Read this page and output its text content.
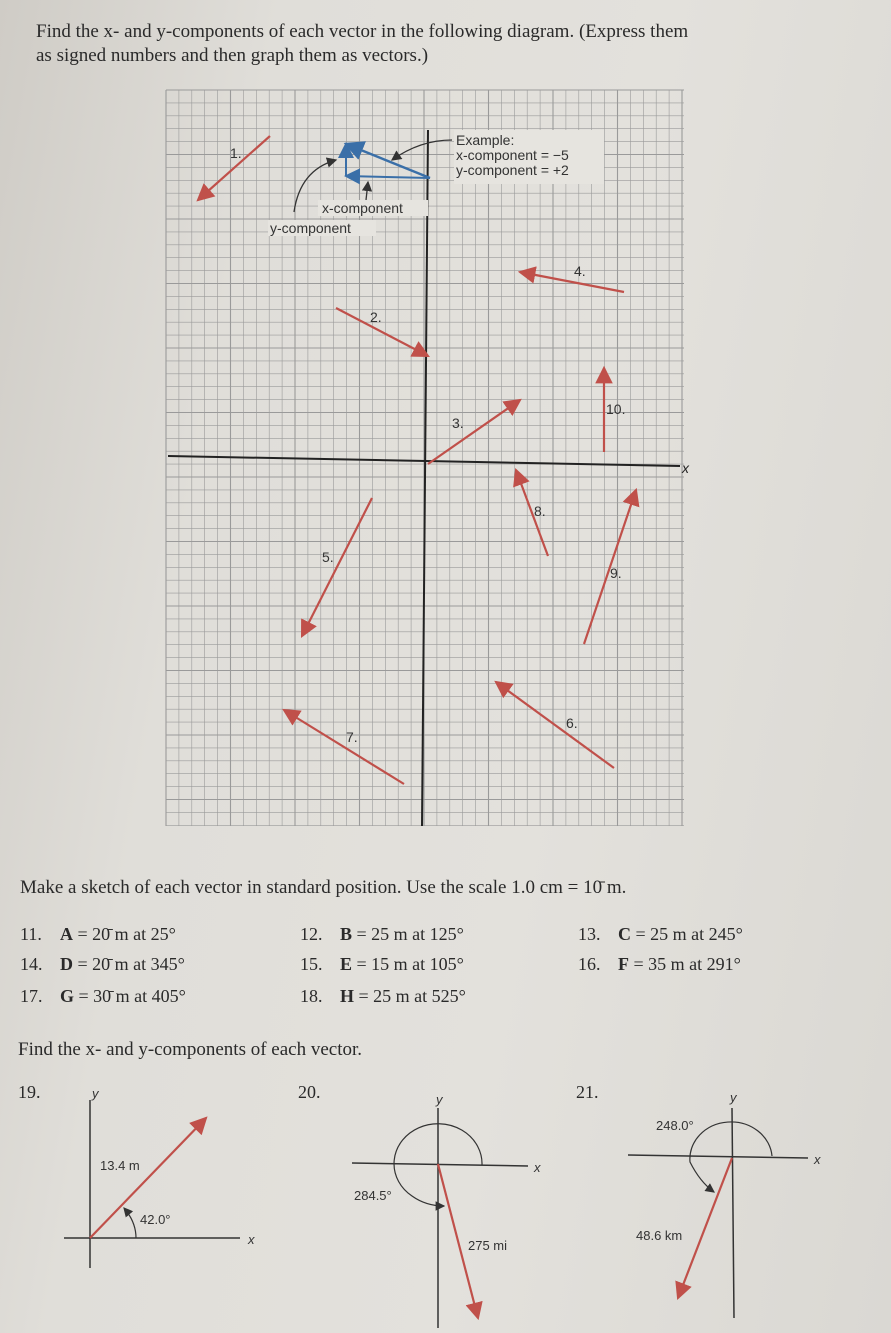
Find the x- and y-components of each vector in the following diagram. (Express them
as signed numbers and then graph them as vectors.)
x
Example:
x-component = −5
y-component = +2
x-component
y-component
1.
2.
3.
4.
5.
6.
7.
8.
9.
10.
y
x
13.4 m
42.0°
y
x
275 mi
284.5°
y
x
48.6 km
248.0°
Make a sketch of each vector in standard position. Use the scale 1.0 cm = 10̄ m.
11. A = 20̄ m at 25°	12. B = 25 m at 125°	13. C = 25 m at 245°
14. D = 20̄ m at 345°	15. E = 15 m at 105°	16. F = 35 m at 291°
17. G = 30̄ m at 405°	18. H = 25 m at 525°
Find the x- and y-components of each vector.
19.	20.	21.
